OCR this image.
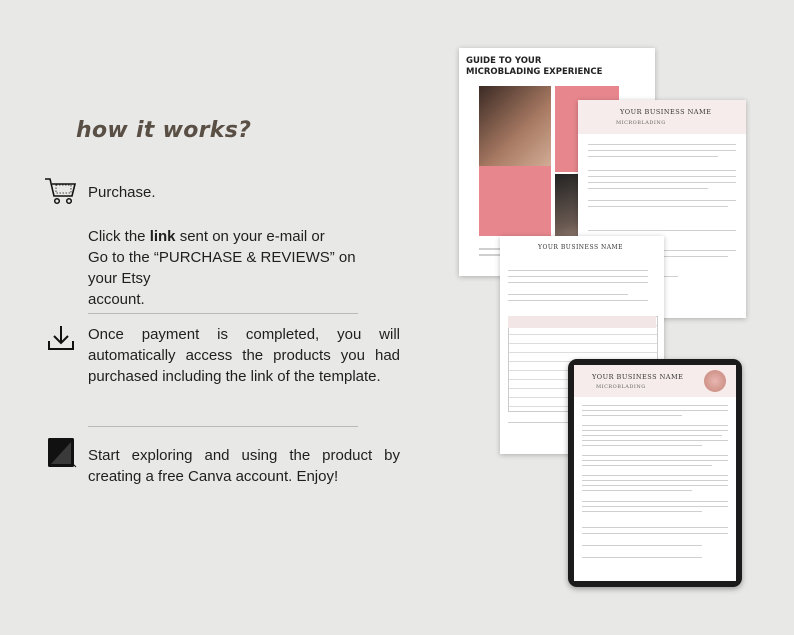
how it works?
Purchase.
Click the link sent on your e-mail or
Go to the “PURCHASE & REVIEWS” on your Etsy
account.
Once payment is completed, you will
automatically access the products you had
purchased including the link of the template.
Start exploring and using the product by
creating a free Canva account. Enjoy!
GUIDE TO YOUR
MICROBLADING EXPERIENCE
YOUR BUSINESS NAME
MICROBLADING
YOUR BUSINESS NAME
YOUR BUSINESS NAME
MICROBLADING
